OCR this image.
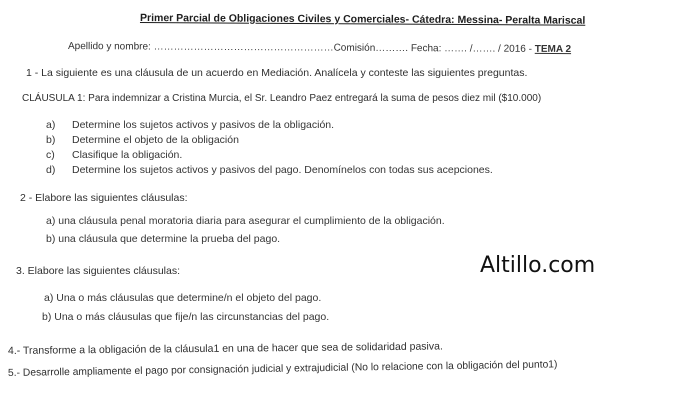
Primer Parcial de Obligaciones Civiles y Comerciales- Cátedra: Messina- Peralta Mariscal
Apellido y nombre: ………………………………………………Comisión………. Fecha: ……. /……. / 2016 - TEMA 2
1 - La siguiente es una cláusula de un acuerdo en Mediación. Analícela y conteste las siguientes preguntas.
CLÁUSULA 1: Para indemnizar a Cristina Murcia, el Sr. Leandro Paez entregará la suma de pesos diez mil ($10.000)
a) Determine los sujetos activos y pasivos de la obligación.
b) Determine el objeto de la obligación
c) Clasifique la obligación.
d) Determine los sujetos activos y pasivos del pago. Denomínelos con todas sus acepciones.
2 - Elabore las siguientes cláusulas:
a) una cláusula penal moratoria diaria para asegurar el cumplimiento de la obligación.
b) una cláusula que determine la prueba del pago.
3. Elabore las siguientes cláusulas:
a) Una o más cláusulas que determine/n el objeto del pago.
b) Una o más cláusulas que fije/n las circunstancias del pago.
4.- Transforme a la obligación de la cláusula1 en una de hacer que sea de solidaridad pasiva.
5.- Desarrolle ampliamente el pago por consignación judicial y extrajudicial (No lo relacione con la obligación del punto1)
Altillo.com
